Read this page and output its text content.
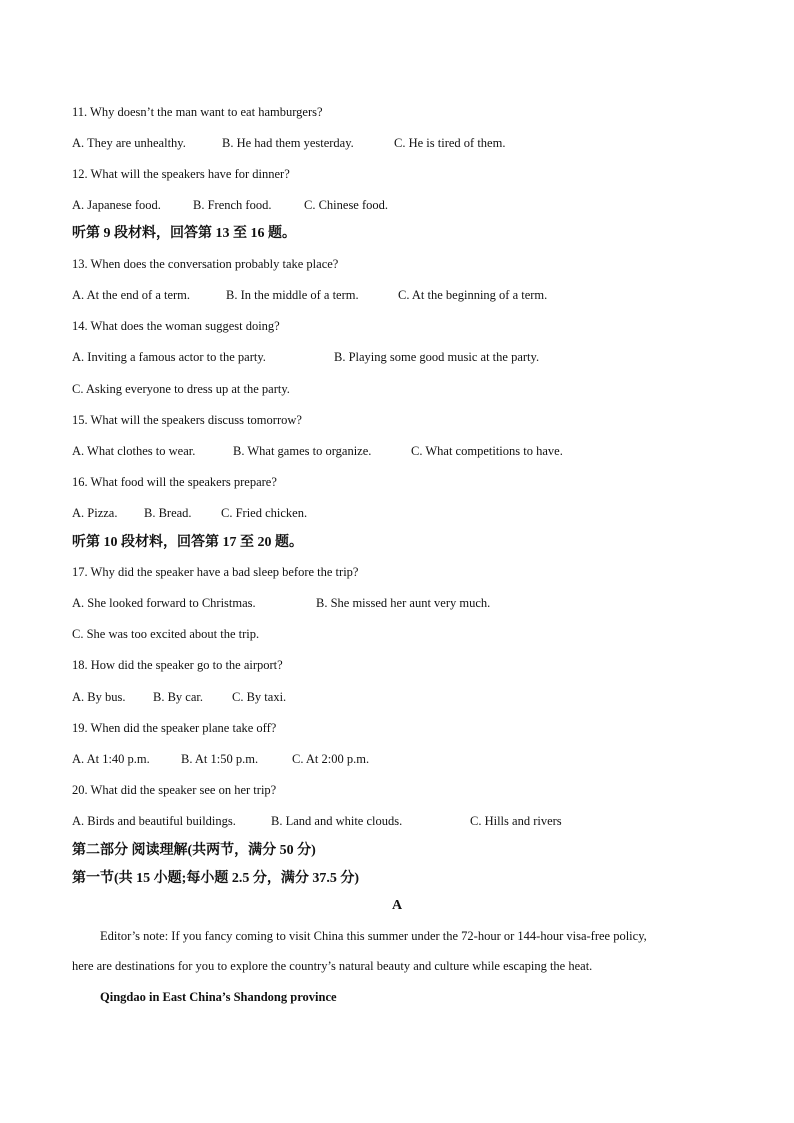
11. Why doesn’t the man want to eat hamburgers?

A. They are unhealthy.	B. He had them yesterday.	C. He is tired of them.

12. What will the speakers have for dinner?

A. Japanese food.	B. French food.	C. Chinese food.
听第 9 段材料，回答第 13 至 16 题。

13. When does the conversation probably take place?

A. At the end of a term.	B. In the middle of a term.	C. At the beginning of a term.

14. What does the woman suggest doing?

A. Inviting a famous actor to the party.	B. Playing some good music at the party.

C. Asking everyone to dress up at the party.

15. What will the speakers discuss tomorrow?

A. What clothes to wear.	B. What games to organize.	C. What competitions to have.

16. What food will the speakers prepare?

A. Pizza. B. Bread. C. Fried chicken.
听第 10 段材料，回答第 17 至 20 题。

17. Why did the speaker have a bad sleep before the trip?

A. She looked forward to Christmas.	B. She missed her aunt very much.

C. She was too excited about the trip.

18. How did the speaker go to the airport?

A. By bus. B. By car. C. By taxi.

19. When did the speaker plane take off?

A. At 1:40 p.m. B. At 1:50 p.m.	C. At 2:00 p.m.

20. What did the speaker see on her trip?

A. Birds and beautiful buildings.	B. Land and white clouds.	C. Hills and rivers
第二部分 阅读理解(共两节，满分 50 分)
第一节(共 15 小题;每小题 2.5 分，满分 37.5 分)
A
Editor’s note: If you fancy coming to visit China this summer under the 72-hour or 144-hour visa-free policy,
here are destinations for you to explore the country’s natural beauty and culture while escaping the heat.
Qingdao in East China’s Shandong province
